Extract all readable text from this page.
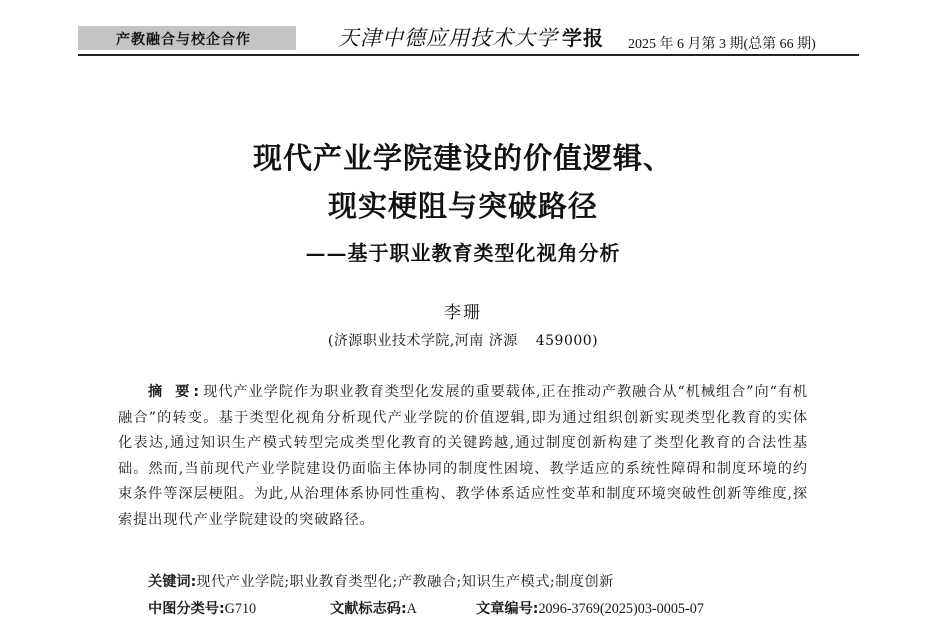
产教融合与校企合作	天津中德应用技术大学 学报 2025 年 6 月第 3 期(总第 66 期)
现代产业学院建设的价值逻辑、
现实梗阻与突破路径
——基于职业教育类型化视角分析
李珊
(济源职业技术学院,河南 济源 459000)
摘 要:现代产业学院作为职业教育类型化发展的重要载体,正在推动产教融合从“机械组合”向“有机融合”的转变。基于类型化视角分析现代产业学院的价值逻辑,即为通过组织创新实现类型化教育的实体化表达,通过知识生产模式转型完成类型化教育的关键跨越,通过制度创新构建了类型化教育的合法性基础。然而,当前现代产业学院建设仍面临主体协同的制度性困境、教学适应的系统性障碍和制度环境的约束条件等深层梗阻。为此,从治理体系协同性重构、教学体系适应性变革和制度环境突破性创新等维度,探索提出现代产业学院建设的突破路径。
关键词:现代产业学院;职业教育类型化;产教融合;知识生产模式;制度创新
中图分类号:G710	文献标志码:A	文章编号:2096-3769(2025)03-0005-07
